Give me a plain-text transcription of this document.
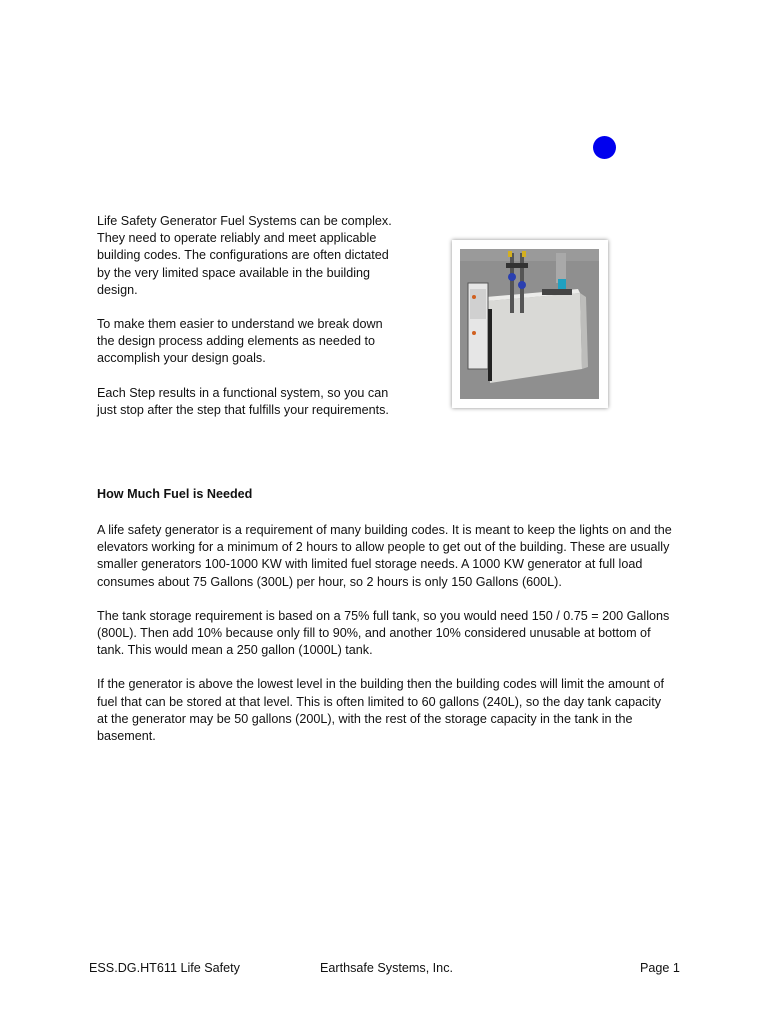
Life Safety Generator Fuel Systems can be complex. They need to operate reliably and meet applicable building codes. The configurations are often dictated by the very limited space available in the building design.

To make them easier to understand we break down the design process adding elements as needed to accomplish your design goals.

Each Step results in a functional system, so you can just stop after the step that fulfills your requirements.

How Much Fuel is Needed

A life safety generator is a requirement of many building codes. It is meant to keep the lights on and the elevators working for a minimum of 2 hours to allow people to get out of the building. These are usually smaller generators 100-1000 KW with limited fuel storage needs. A 1000 KW generator at full load consumes about 75 Gallons (300L) per hour, so 2 hours is only 150 Gallons (600L).

The tank storage requirement is based on a 75% full tank, so you would need 150 / 0.75 = 200 Gallons (800L). Then add 10% because only fill to 90%, and another 10% considered unusable at bottom of tank. This would mean a 250 gallon (1000L) tank.

If the generator is above the lowest level in the building then the building codes will limit the amount of fuel that can be stored at that level. This is often limited to 60 gallons (240L), so the day tank capacity at the generator may be 50 gallons (200L), with the rest of the storage capacity in the tank in the basement.

ESS.DG.HT611 Life Safety	Earthsafe Systems, Inc.	Page 1
